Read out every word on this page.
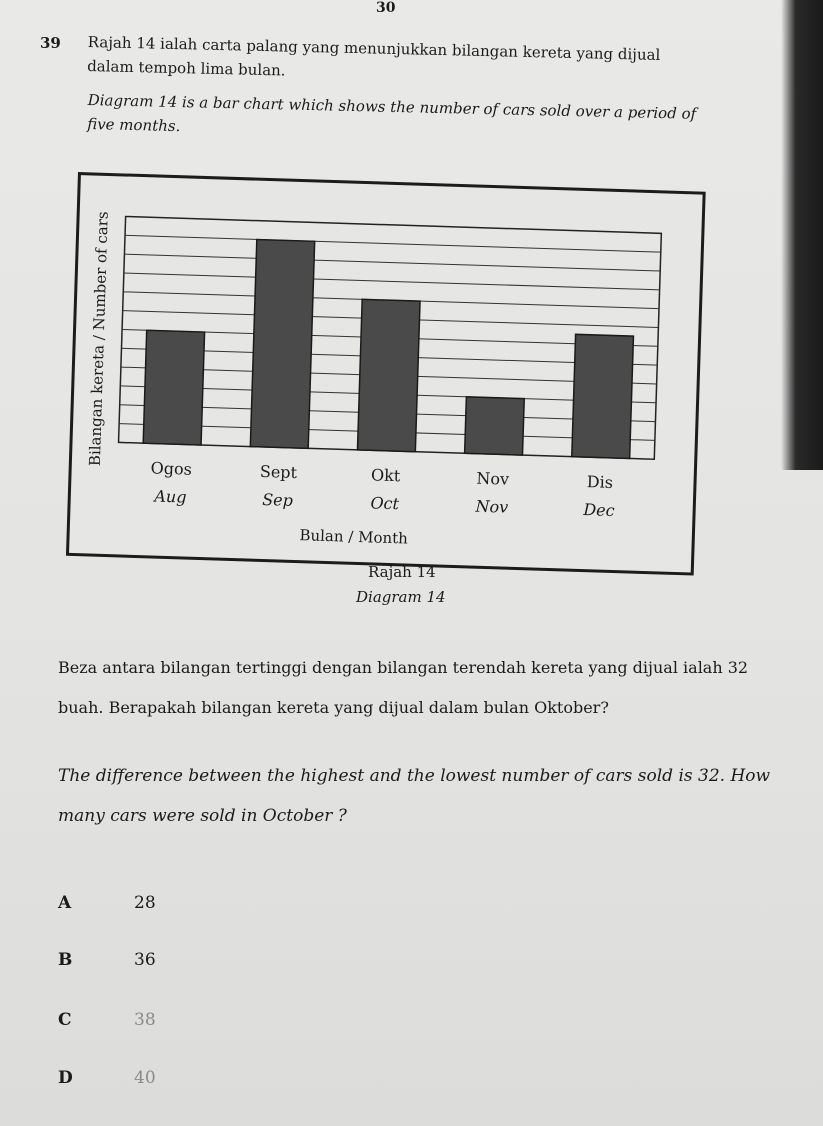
30
39 Rajah 14 ialah carta palang yang menunjukkan bilangan kereta yang dijual dalam tempoh lima bulan.
Diagram 14 is a bar chart which shows the number of cars sold over a period of five months.
Ogos
Aug
Sept
Sep
Okt
Oct
Nov
Nov
Dis
Dec
Bilangan kereta / Number of cars
Bulan / Month
Rajah 14
Diagram 14
Beza antara bilangan tertinggi dengan bilangan terendah kereta yang dijual ialah 32 buah. Berapakah bilangan kereta yang dijual dalam bulan Oktober?
The difference between the highest and the lowest number of cars sold is 32. How many cars were sold in October ?
A	28
B	36
C	38
D	40
